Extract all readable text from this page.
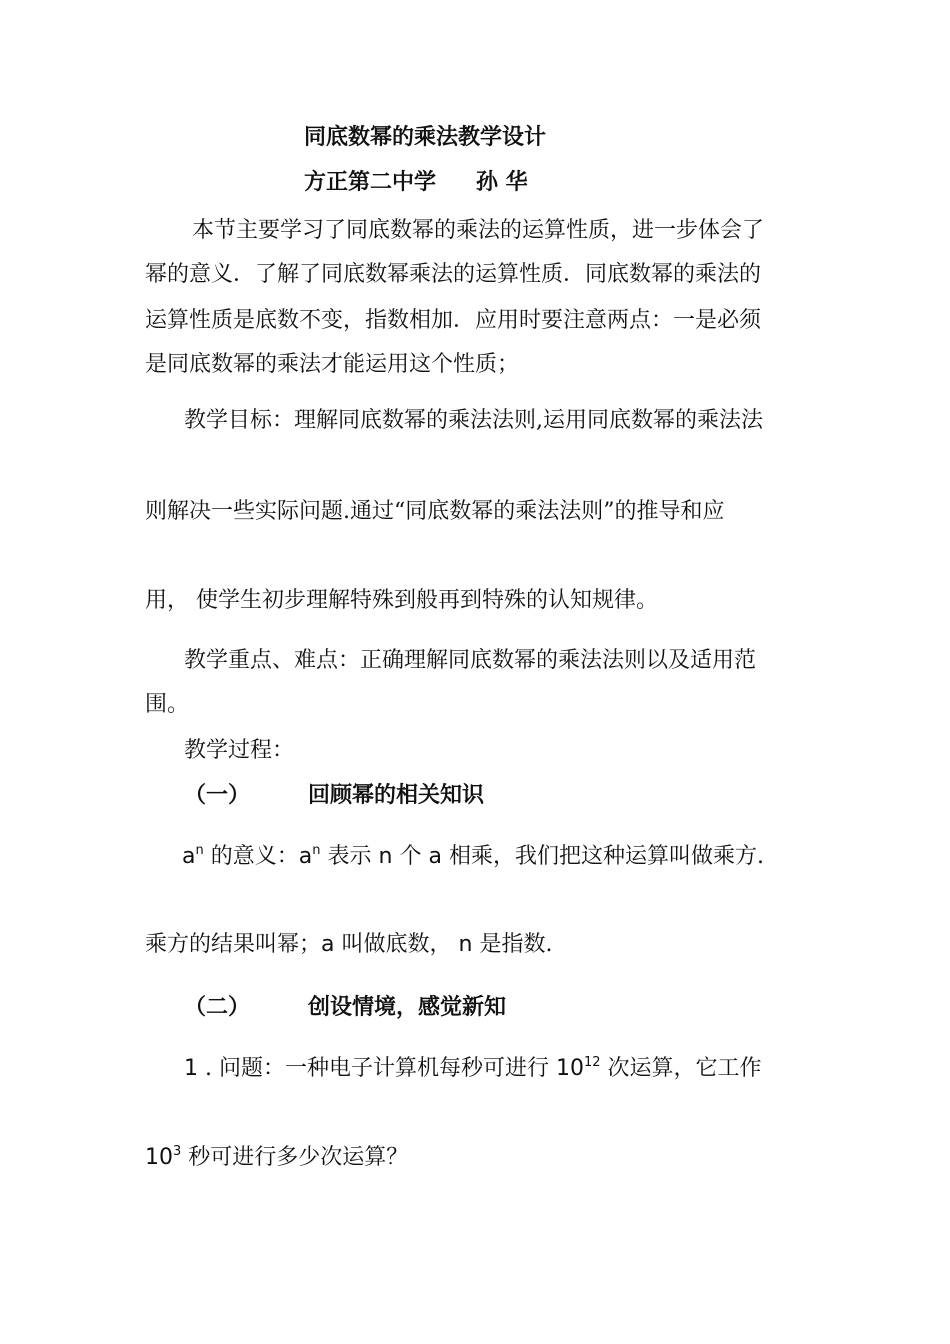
同底数幂的乘法教学设计
方正第二中学 孙 华
本节主要学习了同底数幂的乘法的运算性质，进一步体会了
幂的意义．了解了同底数幂乘法的运算性质．同底数幂的乘法的
运算性质是底数不变，指数相加．应用时要注意两点：一是必须
是同底数幂的乘法才能运用这个性质；
教学目标：理解同底数幂的乘法法则,运用同底数幂的乘法法
则解决一些实际问题.通过“同底数幂的乘法法则”的推导和应
用， 使学生初步理解特殊到般再到特殊的认知规律。
教学重点、难点：正确理解同底数幂的乘法法则以及适用范
围。
教学过程：
（一）	回顾幂的相关知识
$a^n$ 的意义：$a^n$ 表示 n 个 a 相乘，我们把这种运算叫做乘方.
乘方的结果叫幂；a 叫做底数， n 是指数.
（二）	创设情境，感觉新知
1 . 问题：一种电子计算机每秒可进行 $10^{12}$ 次运算，它工作
$10^3$ 秒可进行多少次运算？
